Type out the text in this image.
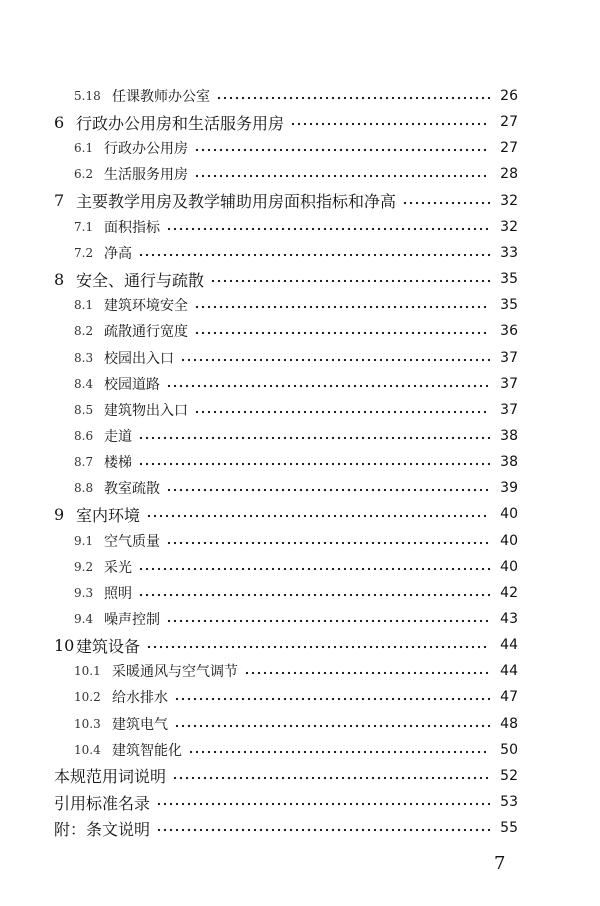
5.18 任课教师办公室	26
6 行政办公用房和生活服务用房	27
6.1 行政办公用房	27
6.2 生活服务用房	28
7 主要教学用房及教学辅助用房面积指标和净高	32
7.1 面积指标	32
7.2 净高	33
8 安全、通行与疏散	35
8.1 建筑环境安全	35
8.2 疏散通行宽度	36
8.3 校园出入口	37
8.4 校园道路	37
8.5 建筑物出入口	37
8.6 走道	38
8.7 楼梯	38
8.8 教室疏散	39
9 室内环境	40
9.1 空气质量	40
9.2 采光	40
9.3 照明	42
9.4 噪声控制	43
10 建筑设备	44
10.1 采暖通风与空气调节	44
10.2 给水排水	47
10.3 建筑电气	48
10.4 建筑智能化	50
本规范用词说明	52
引用标准名录	53
附：条文说明	55
7
